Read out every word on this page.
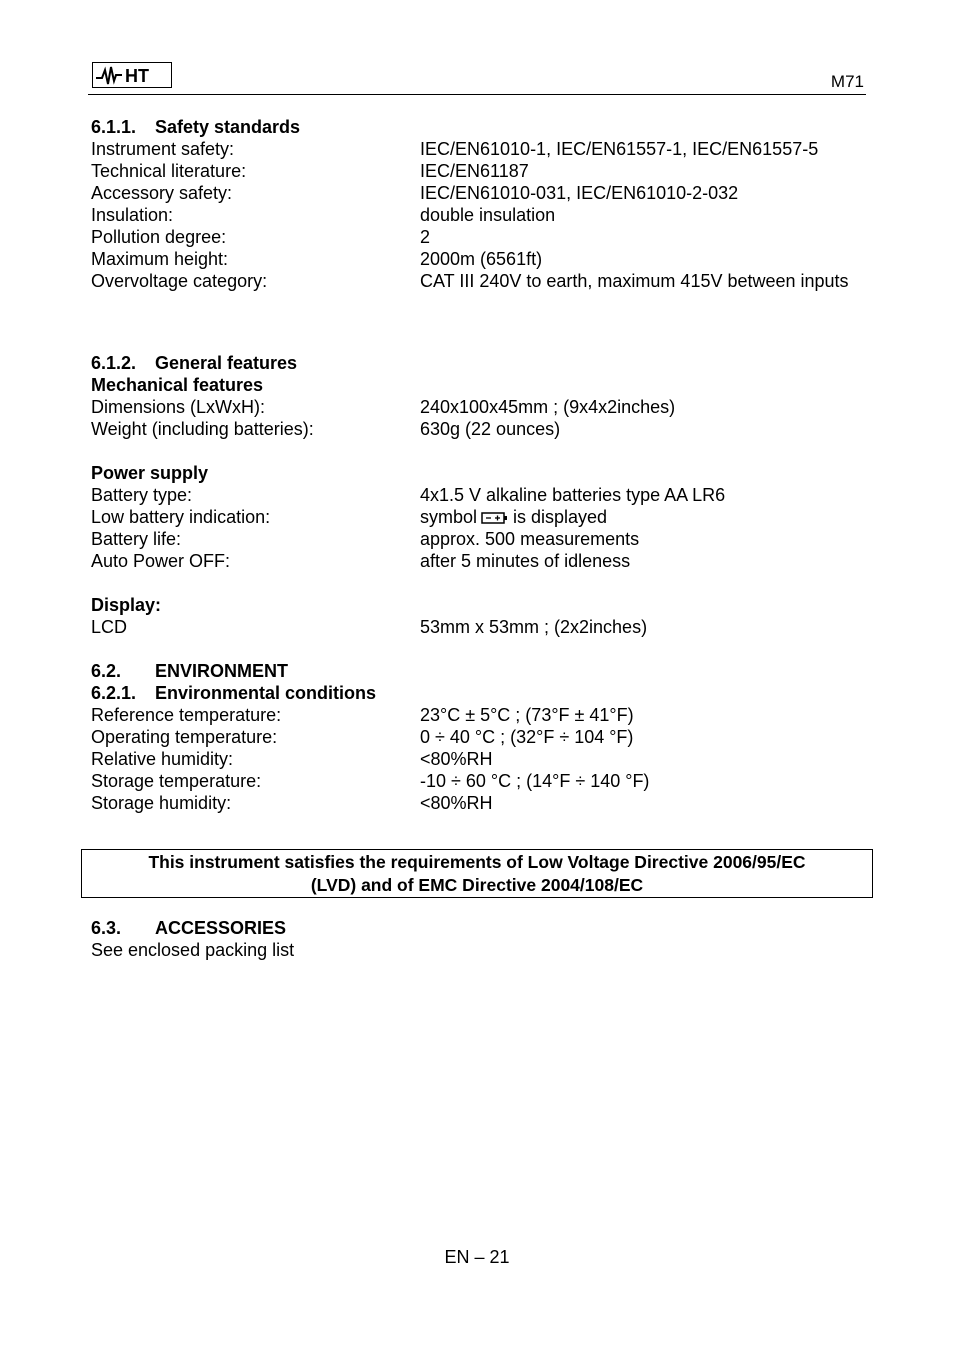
HT	M71
6.1.1. Safety standards
Instrument safety:	IEC/EN61010-1, IEC/EN61557-1, IEC/EN61557-5
Technical literature:	IEC/EN61187
Accessory safety:	IEC/EN61010-031, IEC/EN61010-2-032
Insulation:	double insulation
Pollution degree:	2
Maximum height:	2000m (6561ft)
Overvoltage category:	CAT III 240V to earth, maximum 415V between inputs
6.1.2. General features
Mechanical features
Dimensions (LxWxH):	240x100x45mm ; (9x4x2inches)
Weight (including batteries):	630g (22 ounces)
Power supply
Battery type:	4x1.5 V alkaline batteries type AA LR6
Low battery indication:	symbol is displayed
Battery life:	approx. 500 measurements
Auto Power OFF:	after 5 minutes of idleness
Display:
LCD	53mm x 53mm ; (2x2inches)
6.2. ENVIRONMENT
6.2.1. Environmental conditions
Reference temperature:	23°C ± 5°C ; (73°F ± 41°F)
Operating temperature:	0 ÷ 40 °C ; (32°F ÷ 104 °F)
Relative humidity:	<80%RH
Storage temperature:	-10 ÷ 60 °C ; (14°F ÷ 140 °F)
Storage humidity:	<80%RH
This instrument satisfies the requirements of Low Voltage Directive 2006/95/EC
(LVD) and of EMC Directive 2004/108/EC
6.3. ACCESSORIES
See enclosed packing list
EN – 21
